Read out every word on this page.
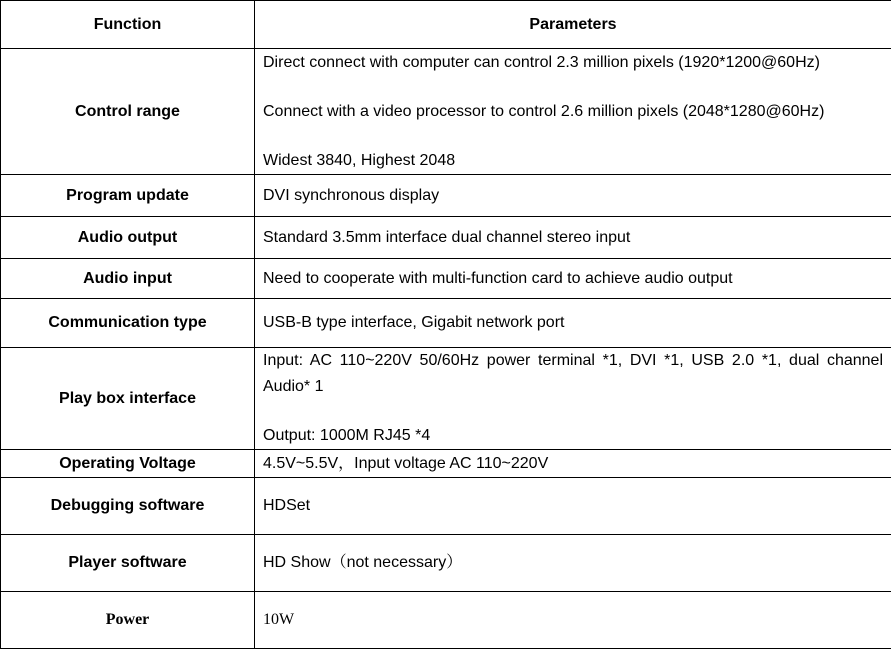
Function	Parameters
Control range	Direct connect with computer can control 2.3 million pixels (1920*1200@60Hz)

Connect with a video processor to control 2.6 million pixels (2048*1280@60Hz)

Widest 3840, Highest 2048

Program update	DVI synchronous display

Audio output	Standard 3.5mm interface dual channel stereo input

Audio input	Need to cooperate with multi-function card to achieve audio output

Communication type	USB-B type interface, Gigabit network port

Play box interface	Input: AC 110~220V 50/60Hz power terminal *1, DVI *1, USB 2.0 *1, dual channel Audio* 1

Output: 1000M RJ45 *4

Operating Voltage	4.5V~5.5V，Input voltage AC 110~220V

Debugging software	HDSet

Player software	HD Show（not necessary）

Power	10W
